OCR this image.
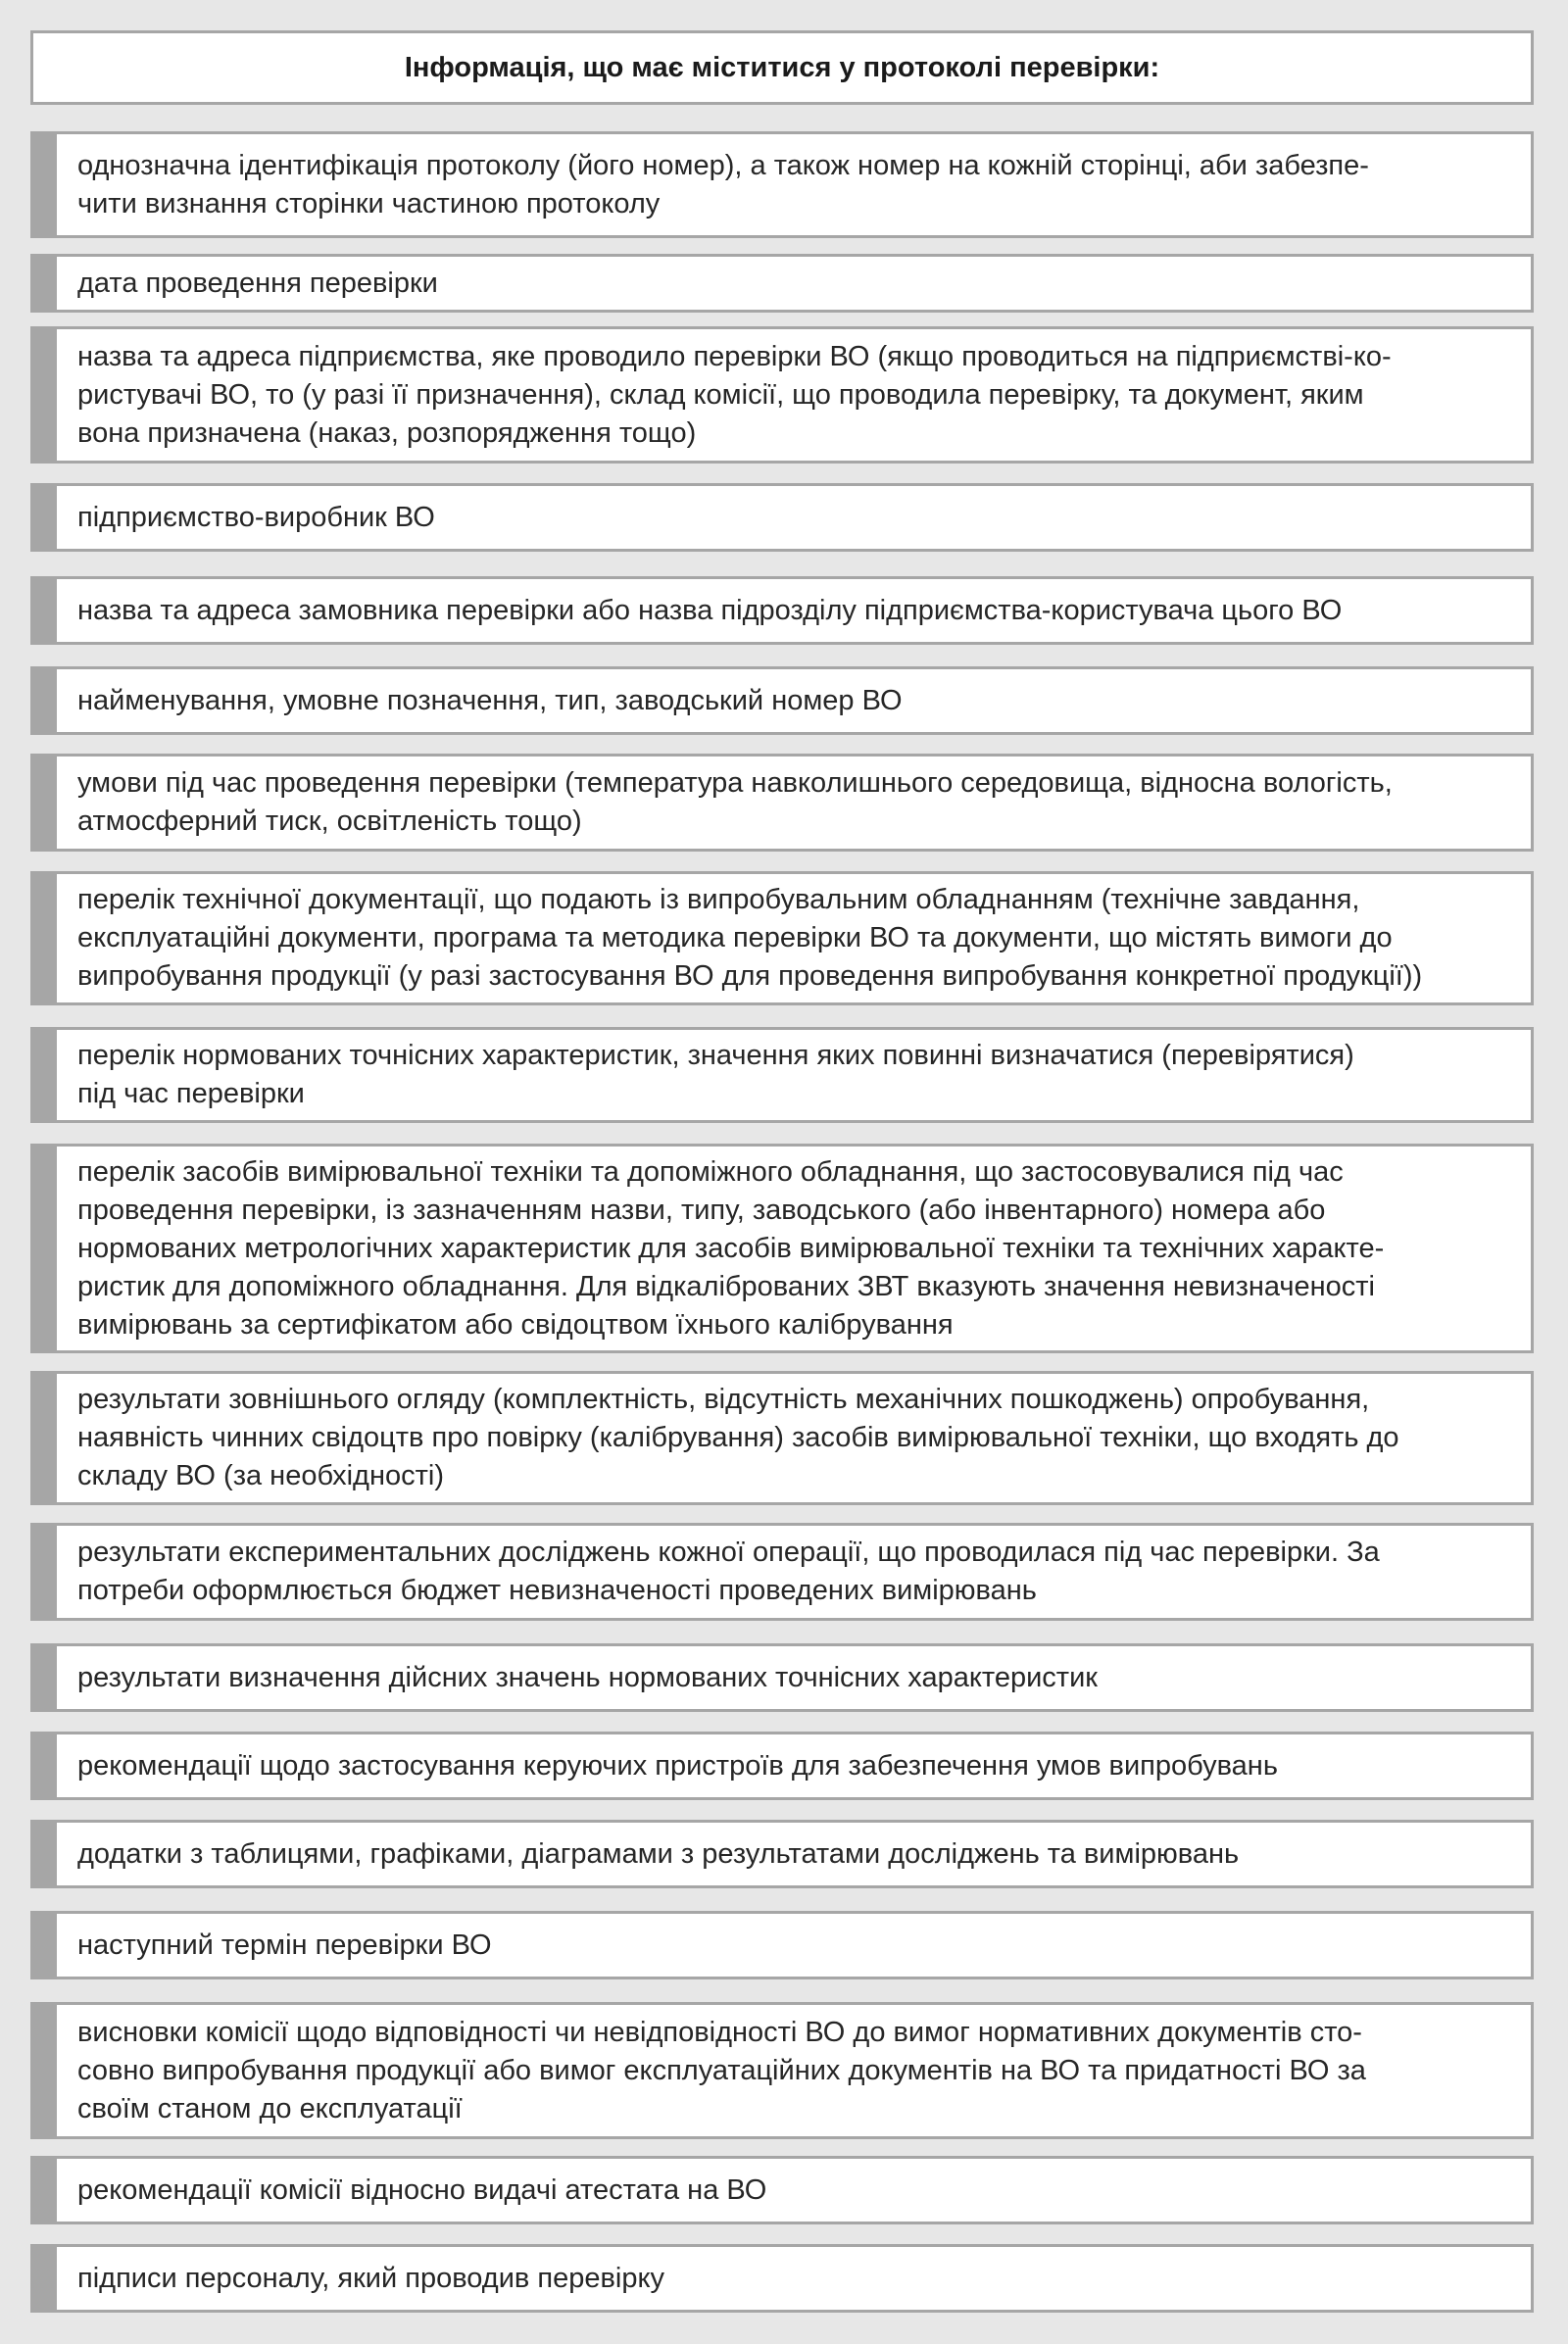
Інформація, що має міститися у протоколі перевірки:
однозначна ідентифікація протоколу (його номер), а також номер на кожній сторінці, аби забезпе-
чити визнання сторінки частиною протоколу
дата проведення перевірки
назва та адреса підприємства, яке проводило перевірки ВО (якщо проводиться на підприємстві-ко-
ристувачі ВО, то (у разі її призначення), склад комісії, що проводила перевірку, та документ, яким
вона призначена (наказ, розпорядження тощо)
підприємство-виробник ВО
назва та адреса замовника перевірки або назва підрозділу підприємства-користувача цього ВО
найменування, умовне позначення, тип, заводський номер ВО
умови під час проведення перевірки (температура навколишнього середовища, відносна вологість,
атмосферний тиск, освітленість тощо)
перелік технічної документації, що подають із випробувальним обладнанням (технічне завдання,
експлуатаційні документи, програма та методика перевірки ВО та документи, що містять вимоги до
випробування продукції (у разі застосування ВО для проведення випробування конкретної продукції))
перелік нормованих точнісних характеристик, значення яких повинні визначатися (перевірятися)
під час перевірки
перелік засобів вимірювальної техніки та допоміжного обладнання, що застосовувалися під час
проведення перевірки, із зазначенням назви, типу, заводського (або інвентарного) номера або
нормованих метрологічних характеристик для засобів вимірювальної техніки та технічних характе-
ристик для допоміжного обладнання. Для відкаліброваних ЗВТ вказують значення невизначеності
вимірювань за сертифікатом або свідоцтвом їхнього калібрування
результати зовнішнього огляду (комплектність, відсутність механічних пошкоджень) опробування,
наявність чинних свідоцтв про повірку (калібрування) засобів вимірювальної техніки, що входять до
складу ВО (за необхідності)
результати експериментальних досліджень кожної операції, що проводилася під час перевірки. За
потреби оформлюється бюджет невизначеності проведених вимірювань
результати визначення дійсних значень нормованих точнісних характеристик
рекомендації щодо застосування керуючих пристроїв для забезпечення умов випробувань
додатки з таблицями, графіками, діаграмами з результатами досліджень та вимірювань
наступний термін перевірки ВО
висновки комісії щодо відповідності чи невідповідності ВО до вимог нормативних документів сто-
совно випробування продукції або вимог експлуатаційних документів на ВО та придатності ВО за
своїм станом до експлуатації
рекомендації комісії відносно видачі атестата на ВО
підписи персоналу, який проводив перевірку
